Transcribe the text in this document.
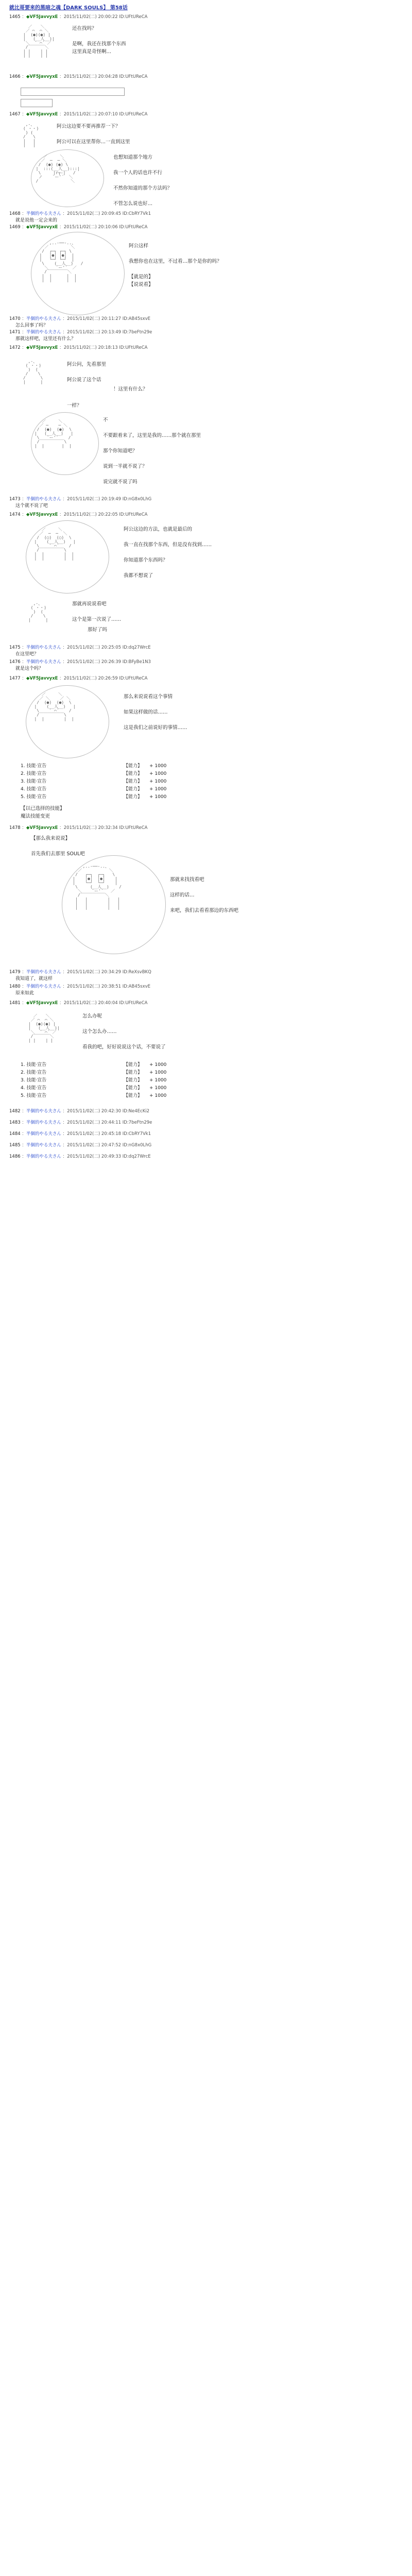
就比哥要来的黑暗之魂【DARK SOULS】 第58话
1465 ：◆VF5JavvyxE ：2015/11/02(二) 20:00:22 ID:UFtUReCA
／￣￣＼
／ ⌒  ⌒ ＼
|  (●)(●) |
|   (__人__)|
＼  ` ⌒´ ／
/￣￣￣￣＼
| |    | |
| |    | |
还在找吗？

是啊，我还在找那个东西
这里真是奇怪啊…
1466 ：◆VF5JavvyxE ：2015/11/02(二) 20:04:28 ID:UFtUReCA
1467 ：◆VF5JavvyxE ：2015/11/02(二) 20:07:10 ID:UFtUReCA
,-、
( ・・)
) (
/   \
|   |
|   |
阿公这边要不要再推荐一下？

阿公可以在这里帮你…一直到这里
／￣￣￣＼
／  ─  ─ ＼
/  (●) (●) \
|  :::(__人__):::|
\     |r┬-|   /
ノ    `ー'´  ＼
/             ＼
也想知道那个地方

我一个人的话也许不行

不然你知道的那个方法吗？

不管怎么说也好…
1468 ：半個的やる夫さん ：2015/11/02(二) 20:09:45 ID:CbRY7Vk1
就是说他一定会来的
1469 ：◆VF5JavvyxE ：2015/11/02(二) 20:10:06 ID:UFtUReCA
,..-──-..、
／  　　 　 ＼
/  ┌─┐ ┌─┐ \
|   │●│ │●│  |
|   └─┘ └─┘  |
\    (__人__)   /
＼   `ー'´  ／
/￣￣￣￣￣＼
|  |      |  |
|  |      |  |
阿公这样

我想你也在这里，不过看…那个是你的吗？

【就是的】
【说说看】
1470 ：半個的やる夫さん ：2015/11/02(二) 20:11:27 ID:AB45sxvE
怎么回事了吗？
1471 ：半個的やる夫さん ：2015/11/02(二) 20:13:49 ID:7beFtn29e
那就这样吧，这里还有什么？
1472 ：◆VF5JavvyxE ：2015/11/02(二) 20:18:13 ID:UFtUReCA
,-、
( ・・)
)  (
/    \
/      \
|      |
阿公问，先看那里

阿公说了这个话
！这里有什么？
一样？
／￣￣￣＼
／ ─    ─ ＼
/  (●)  (●)  \
|   (__人__)   |
\   `ー'´    /
/￣￣￣￣￣￣\
|  |       |  |
不

不要跟着来了，这里是我的……那个就在那里

那个你知道吧？

说到一半就不说了？

说完就不说了吗
1473 ：半個的やる夫さん ：2015/11/02(二) 20:19:49 ID:nG8x0LhG
这个就不说了吧
1474 ：◆VF5JavvyxE ：2015/11/02(二) 20:22:05 ID:UFtUReCA
／￣￣￣＼
／  ─  ─  ＼
/  (○)  (○)  \
|    (__人__)   |
\    ` ⌒´    /
/￣￣￣￣￣￣\
|  |        |  |
|  |        |  |
阿公这边的方法，也就是最后的

我一直在找那个东西，但是没有找到……

你知道那个东西吗？

我都不想说了
,-、
( ・・)
)  (
/    \
|      |
那就再说说看吧

这个是第一次说了……
那好了吗
1475 ：半個的やる夫さん ：2015/11/02(二) 20:25:05 ID:dq27WrcE
在这里吧？
1476 ：半個的やる夫さん ：2015/11/02(二) 20:26:39 ID:BFyBe1N3
就是这个吗？
1477 ：◆VF5JavvyxE ：2015/11/02(二) 20:26:59 ID:UFtUReCA
／￣￣￣＼
／ ＼    ／ ＼
/  (●)  (●)  \
|    (__人__)   |
\    ` ⌒´    /
/￣￣￣￣￣￣\
|  |        |  |
那么来说说看这个事情

如果这样做的话……

这是我们之前说好的事情……
1. 技能·宣告	【能力】	+ 1000
2. 技能·宣告	【能力】	+ 1000
3. 技能·宣告	【能力】	+ 1000
4. 技能·宣告	【能力】	+ 1000
5. 技能·宣告	【能力】	+ 1000
【以已选择的技能】
魔法技能变更
1478 ：◆VF5JavvyxE ：2015/11/02(二) 20:32:34 ID:UFtUReCA
【那么我来说说】

首先我们去那里 SOUL吧
,..-──-..、
／  　　  　  ＼
/   ┌─┐  ┌─┐   \
|    │●│  │●│    |
|    └─┘  └─┘    |
\     (__人__)    /
＼    `ー'´   ／
/￣￣￣￣￣￣＼
|   |        |   |
|   |        |   |
|   |        |   |
那就来找找看吧

这样的话…

来吧，我们去看看那边的东西吧
1479 ：半個的やる夫さん ：2015/11/02(二) 20:34:29 ID:ReXsvBKQ
我知道了，就这样
1480 ：半個的やる夫さん ：2015/11/02(二) 20:38:51 ID:AB45sxvE
原来如此
1481 ：◆VF5JavvyxE ：2015/11/02(二) 20:40:04 ID:UFtUReCA
／￣￣＼
／ ⌒  ⌒ ＼
|  (●)(●) |
|   (__人__)|
＼  ` ⌒´ ／
/￣￣￣￣＼
| |    | |
怎么办呢

这个怎么办……

看我的吧，好好说说这个话，不要说了
1. 技能·宣告	【能力】	+ 1000
2. 技能·宣告	【能力】	+ 1000
3. 技能·宣告	【能力】	+ 1000
4. 技能·宣告	【能力】	+ 1000
5. 技能·宣告	【能力】	+ 1000
1482 ：半個的やる夫さん ：2015/11/02(二) 20:42:30 ID:Ne4EcKi2
1483 ：半個的やる夫さん ：2015/11/02(二) 20:44:11 ID:7beFtn29e
1484 ：半個的やる夫さん ：2015/11/02(二) 20:45:18 ID:CbRY7Vk1
1485 ：半個的やる夫さん ：2015/11/02(二) 20:47:52 ID:nG8x0LhG
1486 ：半個的やる夫さん ：2015/11/02(二) 20:49:33 ID:dq27WrcE
